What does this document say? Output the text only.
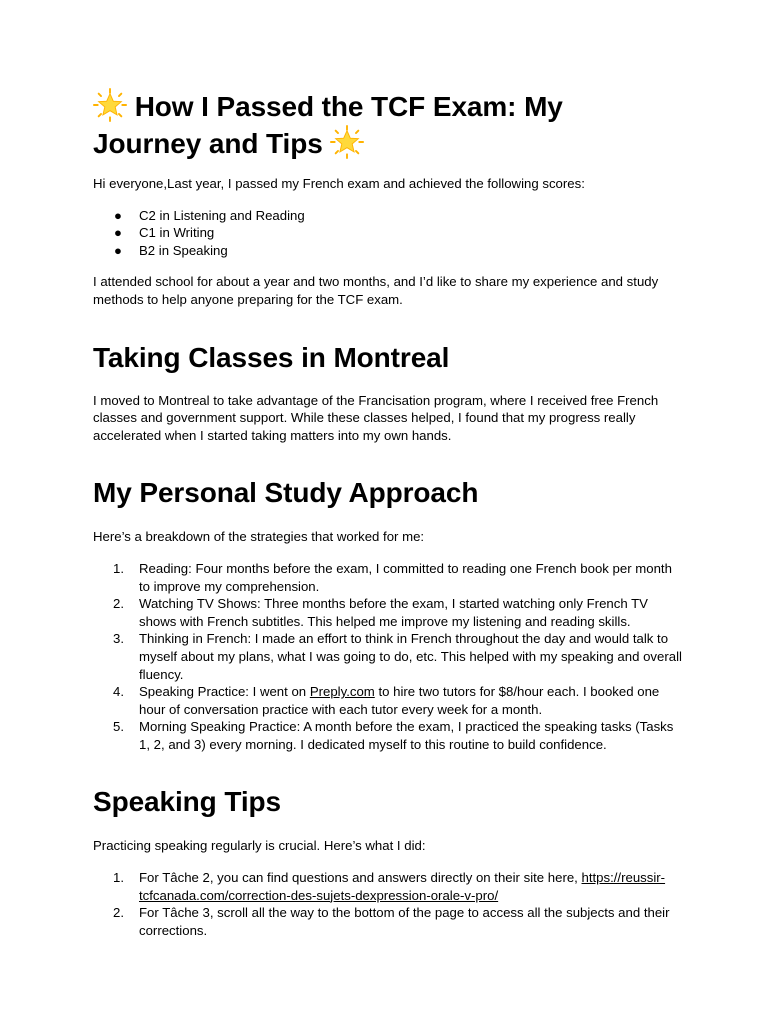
How I Passed the TCF Exam: My
Journey and Tips

Hi everyone,Last year, I passed my French exam and achieved the following scores:

● C2 in Listening and Reading
● C1 in Writing
● B2 in Speaking

I attended school for about a year and two months, and I’d like to share my experience and study methods to help anyone preparing for the TCF exam.

Taking Classes in Montreal

I moved to Montreal to take advantage of the Francisation program, where I received free French classes and government support. While these classes helped, I found that my progress really accelerated when I started taking matters into my own hands.

My Personal Study Approach

Here’s a breakdown of the strategies that worked for me:

1. Reading: Four months before the exam, I committed to reading one French book per month to improve my comprehension.
2. Watching TV Shows: Three months before the exam, I started watching only French TV shows with French subtitles. This helped me improve my listening and reading skills.
3. Thinking in French: I made an effort to think in French throughout the day and would talk to myself about my plans, what I was going to do, etc. This helped with my speaking and overall fluency.
4. Speaking Practice: I went on Preply.com to hire two tutors for $8/hour each. I booked one hour of conversation practice with each tutor every week for a month.
5. Morning Speaking Practice: A month before the exam, I practiced the speaking tasks (Tasks 1, 2, and 3) every morning. I dedicated myself to this routine to build confidence.
Speaking Tips

Practicing speaking regularly is crucial. Here’s what I did:

1. For Tâche 2, you can find questions and answers directly on their site here, https://reussir-tcfcanada.com/correction-des-sujets-dexpression-orale-v-pro/
2. For Tâche 3, scroll all the way to the bottom of the page to access all the subjects and their corrections.
